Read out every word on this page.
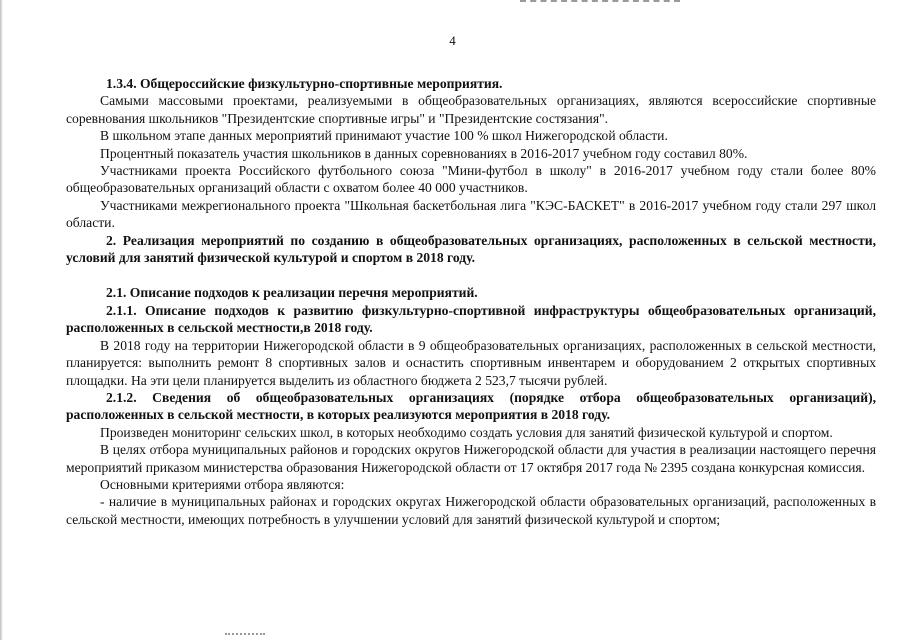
4

1.3.4. Общероссийские физкультурно-спортивные мероприятия.

Самыми массовыми проектами, реализуемыми в общеобразовательных организациях, являются всероссийские спортивные соревнования школьников "Президентские спортивные игры" и "Президентские состязания".

В школьном этапе данных мероприятий принимают участие 100 % школ Нижегородской области.

Процентный показатель участия школьников в данных соревнованиях в 2016-2017 учебном году составил 80%.

Участниками проекта Российского футбольного союза "Мини-футбол в школу" в 2016-2017 учебном году стали более 80% общеобразовательных организаций области с охватом более 40 000 участников.

Участниками межрегионального проекта "Школьная баскетбольная лига "КЭС-БАСКЕТ" в 2016-2017 учебном году стали 297 школ области.

2. Реализация мероприятий по созданию в общеобразовательных организациях, расположенных в сельской местности, условий для занятий физической культурой и спортом в 2018 году.

2.1. Описание подходов к реализации перечня мероприятий.

2.1.1. Описание подходов к развитию физкультурно-спортивной инфраструктуры общеобразовательных организаций, расположенных в сельской местности,в 2018 году.

В 2018 году на территории Нижегородской области в 9 общеобразовательных организациях, расположенных в сельской местности, планируется: выполнить ремонт 8 спортивных залов и оснастить спортивным инвентарем и оборудованием 2 открытых спортивных площадки. На эти цели планируется выделить из областного бюджета 2 523,7 тысячи рублей.

2.1.2. Сведения об общеобразовательных организациях (порядке отбора общеобразовательных организаций), расположенных в сельской местности, в которых реализуются мероприятия в 2018 году.

Произведен мониторинг сельских школ, в которых необходимо создать условия для занятий физической культурой и спортом.

В целях отбора муниципальных районов и городских округов Нижегородской области для участия в реализации настоящего перечня мероприятий приказом министерства образования Нижегородской области от 17 октября 2017 года № 2395 создана конкурсная комиссия.

Основными критериями отбора являются:

- наличие в муниципальных районах и городских округах Нижегородской области образовательных организаций, расположенных в сельской местности, имеющих потребность в улучшении условий для занятий физической культурой и спортом;
